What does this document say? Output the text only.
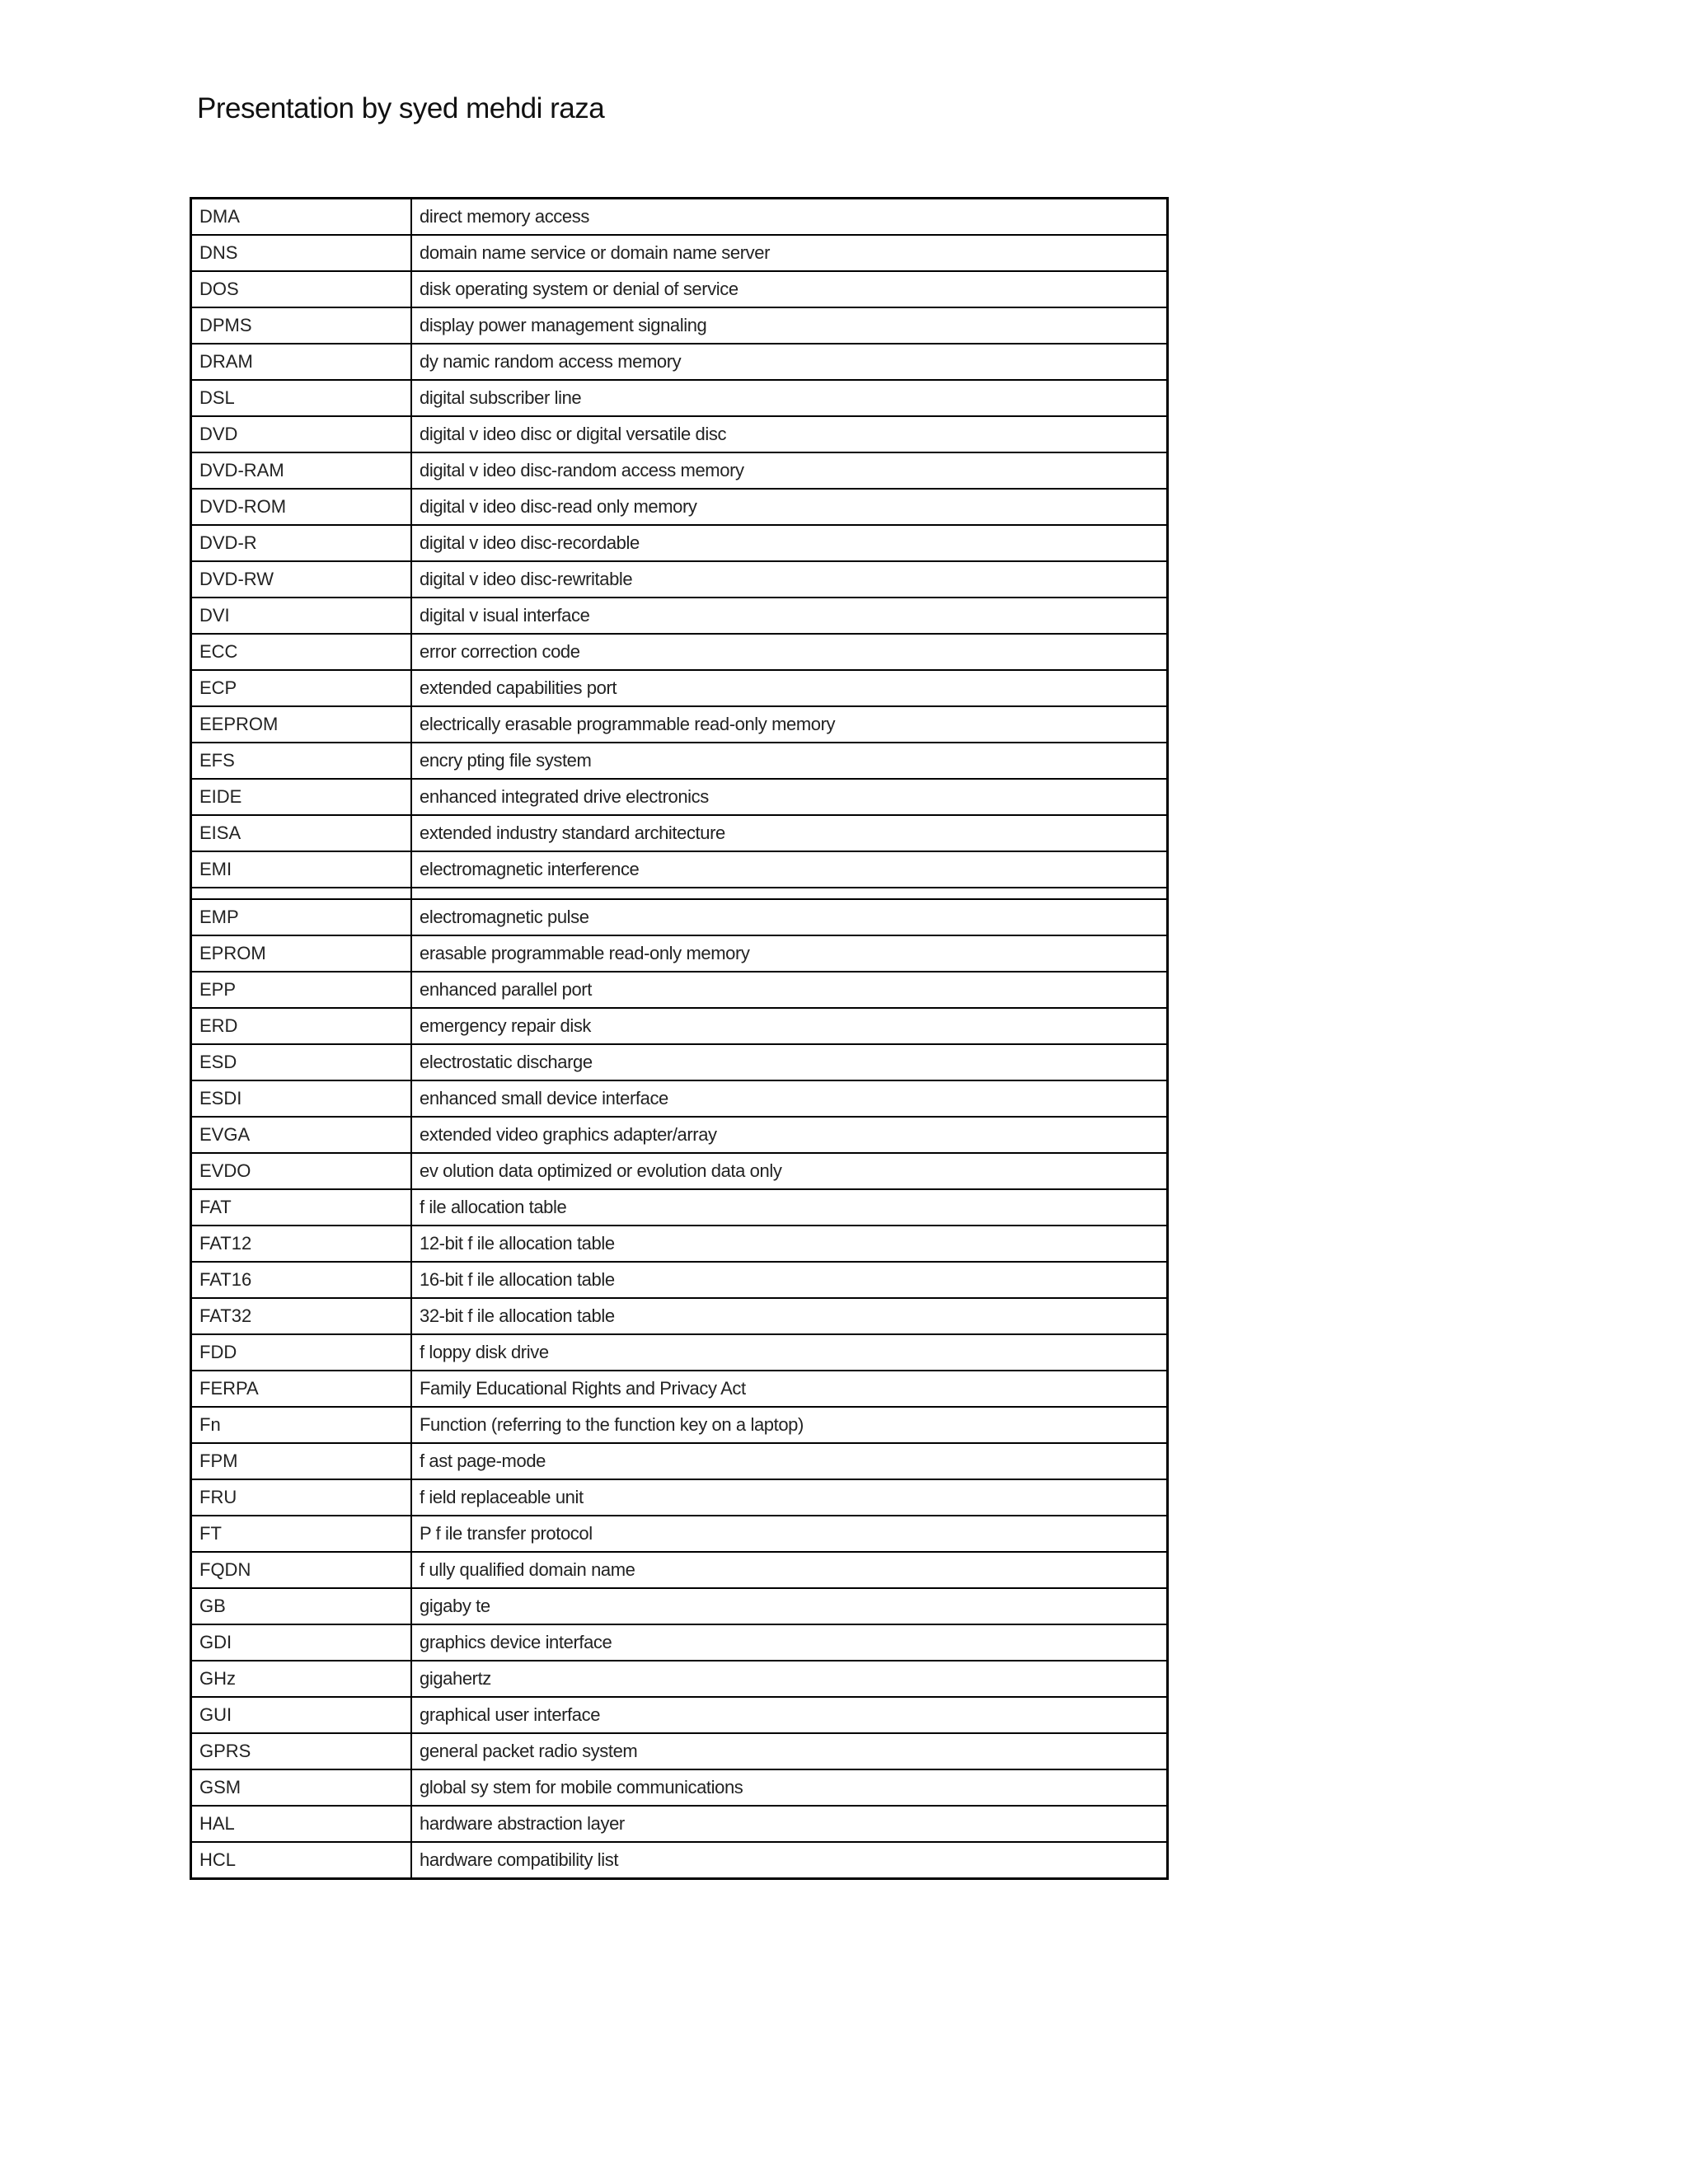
Presentation by syed mehdi raza
DMA	direct memory access
DNS	domain name service or domain name server
DOS	disk operating system or denial of service
DPMS	display power management signaling
DRAM	dy namic random access memory
DSL	digital subscriber line
DVD	digital v ideo disc or digital versatile disc
DVD-RAM	digital v ideo disc-random access memory
DVD-ROM	digital v ideo disc-read only memory
DVD-R	digital v ideo disc-recordable
DVD-RW	digital v ideo disc-rewritable
DVI	digital v isual interface
ECC	error correction code
ECP	extended capabilities port
EEPROM	electrically erasable programmable read-only memory
EFS	encry pting file system
EIDE	enhanced integrated drive electronics
EISA	extended industry standard architecture
EMI	electromagnetic interference

EMP	electromagnetic pulse
EPROM	erasable programmable read-only memory
EPP	enhanced parallel port
ERD	emergency repair disk
ESD	electrostatic discharge
ESDI	enhanced small device interface
EVGA	extended video graphics adapter/array
EVDO	ev olution data optimized or evolution data only
FAT	f ile allocation table
FAT12	12-bit f ile allocation table
FAT16	16-bit f ile allocation table
FAT32	32-bit f ile allocation table
FDD	f loppy disk drive
FERPA	Family Educational Rights and Privacy Act
Fn	Function (referring to the function key on a laptop)
FPM	f ast page-mode
FRU	f ield replaceable unit
FT	P f ile transfer protocol
FQDN	f ully qualified domain name
GB	gigaby te
GDI	graphics device interface
GHz	gigahertz
GUI	graphical user interface
GPRS	general packet radio system
GSM	global sy stem for mobile communications
HAL	hardware abstraction layer
HCL	hardware compatibility list
